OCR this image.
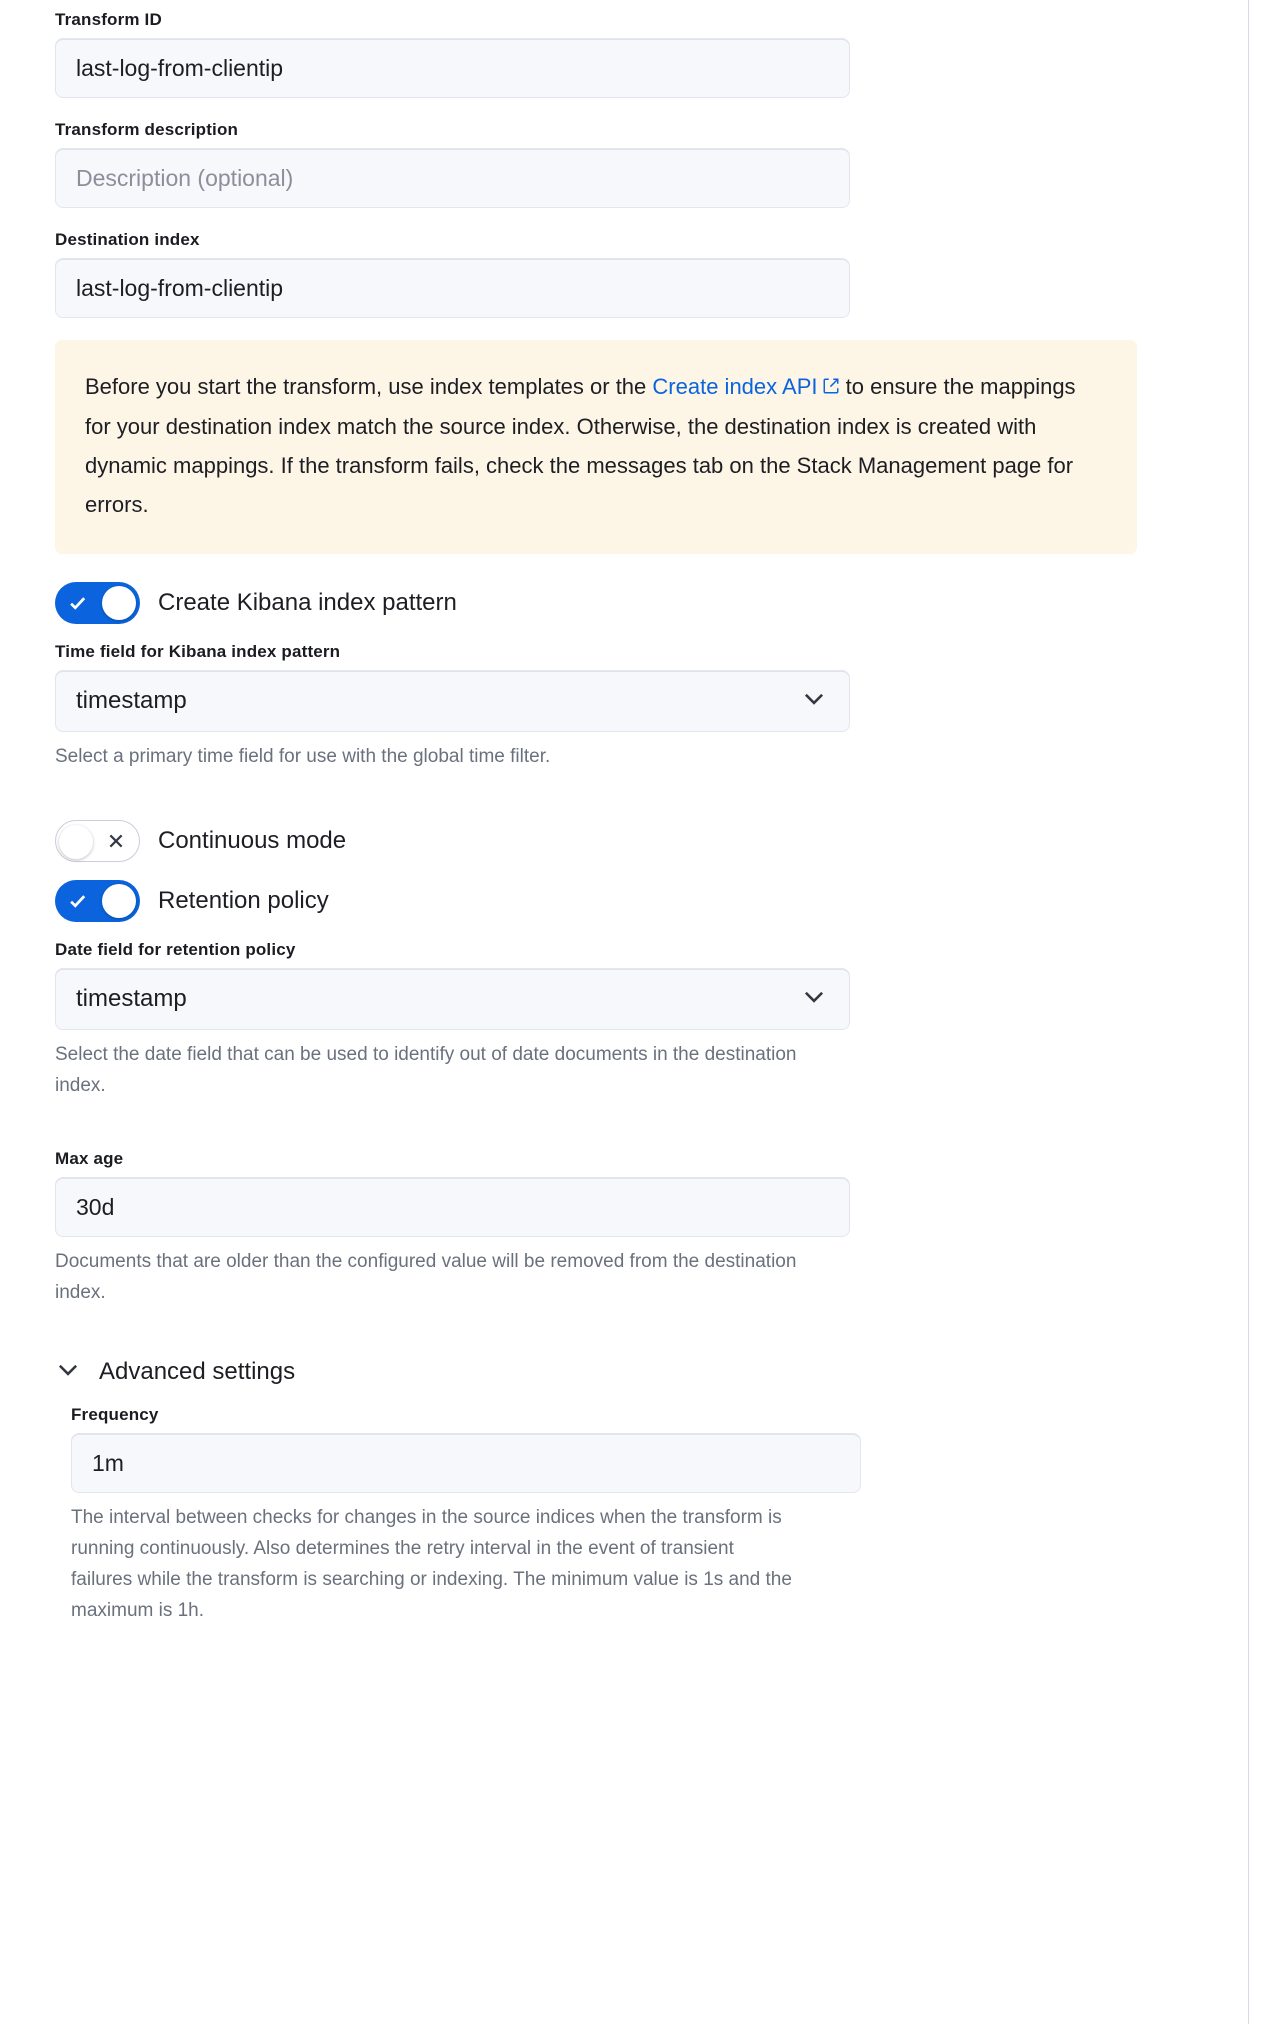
Transform ID
last-log-from-clientip
Transform description
Description (optional)
Destination index
last-log-from-clientip
Before you start the transform, use index templates or the Create index API to ensure the mappings for your destination index match the source index. Otherwise, the destination index is created with dynamic mappings. If the transform fails, check the messages tab on the Stack Management page for errors.
Create Kibana index pattern
Time field for Kibana index pattern
timestamp
Select a primary time field for use with the global time filter.
Continuous mode
Retention policy
Date field for retention policy
timestamp
Select the date field that can be used to identify out of date documents in the destination index.
Max age
30d
Documents that are older than the configured value will be removed from the destination index.
Advanced settings
Frequency
1m
The interval between checks for changes in the source indices when the transform is running continuously. Also determines the retry interval in the event of transient failures while the transform is searching or indexing. The minimum value is 1s and the maximum is 1h.
